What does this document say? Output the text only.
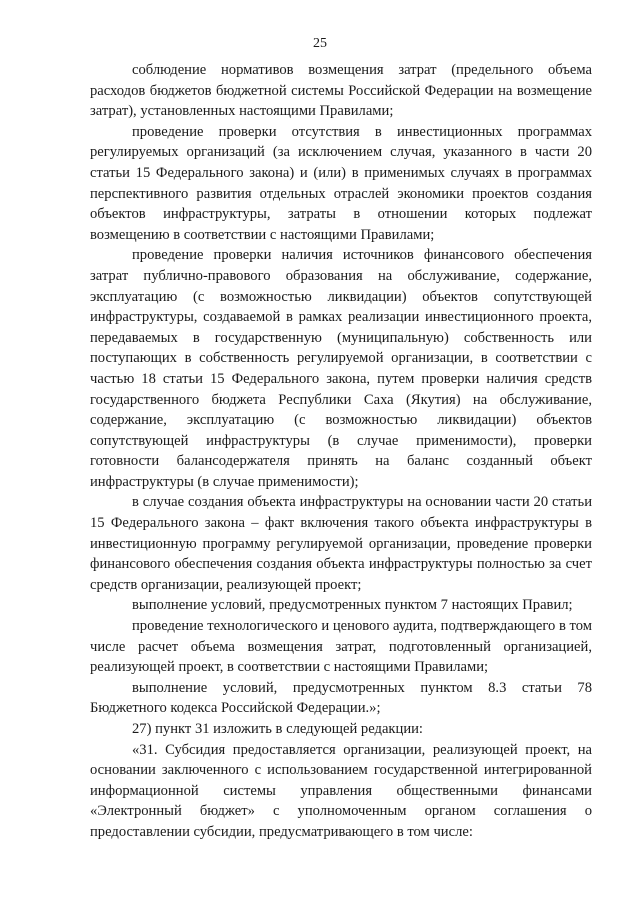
25

соблюдение нормативов возмещения затрат (предельного объема расходов бюджетов бюджетной системы Российской Федерации на возмещение затрат), установленных настоящими Правилами;

проведение проверки отсутствия в инвестиционных программах регулируемых организаций (за исключением случая, указанного в части 20 статьи 15 Федерального закона) и (или) в применимых случаях в программах перспективного развития отдельных отраслей экономики проектов создания объектов инфраструктуры, затраты в отношении которых подлежат возмещению в соответствии с настоящими Правилами;

проведение проверки наличия источников финансового обеспечения затрат публично-правового образования на обслуживание, содержание, эксплуатацию (с возможностью ликвидации) объектов сопутствующей инфраструктуры, создаваемой в рамках реализации инвестиционного проекта, передаваемых в государственную (муниципальную) собственность или поступающих в собственность регулируемой организации, в соответствии с частью 18 статьи 15 Федерального закона, путем проверки наличия средств государственного бюджета Республики Саха (Якутия) на обслуживание, содержание, эксплуатацию (с возможностью ликвидации) объектов сопутствующей инфраструктуры (в случае применимости), проверки готовности балансодержателя принять на баланс созданный объект инфраструктуры (в случае применимости);

в случае создания объекта инфраструктуры на основании части 20 статьи 15 Федерального закона – факт включения такого объекта инфраструктуры в инвестиционную программу регулируемой организации, проведение проверки финансового обеспечения создания объекта инфраструктуры полностью за счет средств организации, реализующей проект;

выполнение условий, предусмотренных пунктом 7 настоящих Правил;

проведение технологического и ценового аудита, подтверждающего в том числе расчет объема возмещения затрат, подготовленный организацией, реализующей проект, в соответствии с настоящими Правилами;

выполнение условий, предусмотренных пунктом 8.3 статьи 78 Бюджетного кодекса Российской Федерации.»;

27) пункт 31 изложить в следующей редакции:

«31. Субсидия предоставляется организации, реализующей проект, на основании заключенного с использованием государственной интегрированной информационной системы управления общественными финансами «Электронный бюджет» с уполномоченным органом соглашения о предоставлении субсидии, предусматривающего в том числе:
